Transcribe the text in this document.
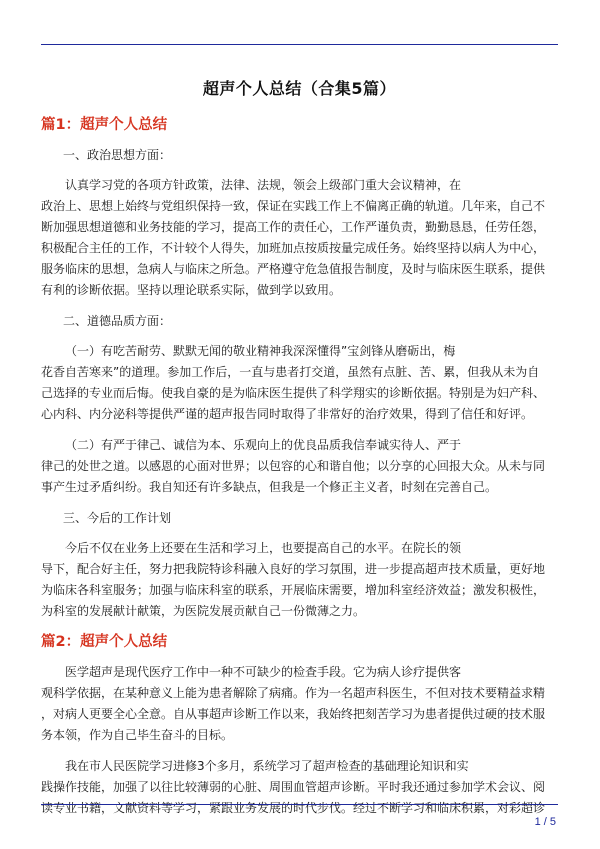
超声个人总结（合集5篇）
篇1：超声个人总结
一、政治思想方面：
认真学习党的各项方针政策，法律、法规，领会上级部门重大会议精神，在
政治上、思想上始终与党组织保持一致，保证在实践工作上不偏离正确的轨道。几年来，自己不
断加强思想道德和业务技能的学习，提高工作的责任心，工作严谨负责，勤勤恳恳，任劳任怨，
积极配合主任的工作，不计较个人得失，加班加点按质按量完成任务。始终坚持以病人为中心，
服务临床的思想，急病人与临床之所急。严格遵守危急值报告制度，及时与临床医生联系，提供
有利的诊断依据。坚持以理论联系实际，做到学以致用。
二、道德品质方面：
（一）有吃苦耐劳、默默无闻的敬业精神我深深懂得”宝剑锋从磨砺出，梅
花香自苦寒来”的道理。参加工作后，一直与患者打交道，虽然有点脏、苦、累，但我从未为自
己选择的专业而后悔。使我自豪的是为临床医生提供了科学翔实的诊断依据。特别是为妇产科、
心内科、内分泌科等提供严谨的超声报告同时取得了非常好的治疗效果，得到了信任和好评。
（二）有严于律己、诚信为本、乐观向上的优良品质我信奉诚实待人、严于
律己的处世之道。以感恩的心面对世界；以包容的心和谐自他；以分享的心回报大众。从未与同
事产生过矛盾纠纷。我自知还有许多缺点，但我是一个修正主义者，时刻在完善自己。
三、今后的工作计划
今后不仅在业务上还要在生活和学习上，也要提高自己的水平。在院长的领
导下，配合好主任，努力把我院特诊科融入良好的学习氛围，进一步提高超声技术质量，更好地
为临床各科室服务；加强与临床科室的联系，开展临床需要，增加科室经济效益；激发积极性，
为科室的发展献计献策，为医院发展贡献自己一份微薄之力。
篇2：超声个人总结
医学超声是现代医疗工作中一种不可缺少的检查手段。它为病人诊疗提供客
观科学依据，在某种意义上能为患者解除了病痛。作为一名超声科医生，不但对技术要精益求精
，对病人更要全心全意。自从事超声诊断工作以来，我始终把刻苦学习为患者提供过硬的技术服
务本领，作为自己毕生奋斗的目标。
我在市人民医院学习进修3个多月，系统学习了超声检查的基础理论知识和实
践操作技能，加强了以往比较薄弱的心脏、周围血管超声诊断。平时我还通过参加学术会议、阅
读专业书籍，文献资料等学习，紧跟业务发展的时代步伐。经过不断学习和临床积累，对彩超诊
1 / 5
